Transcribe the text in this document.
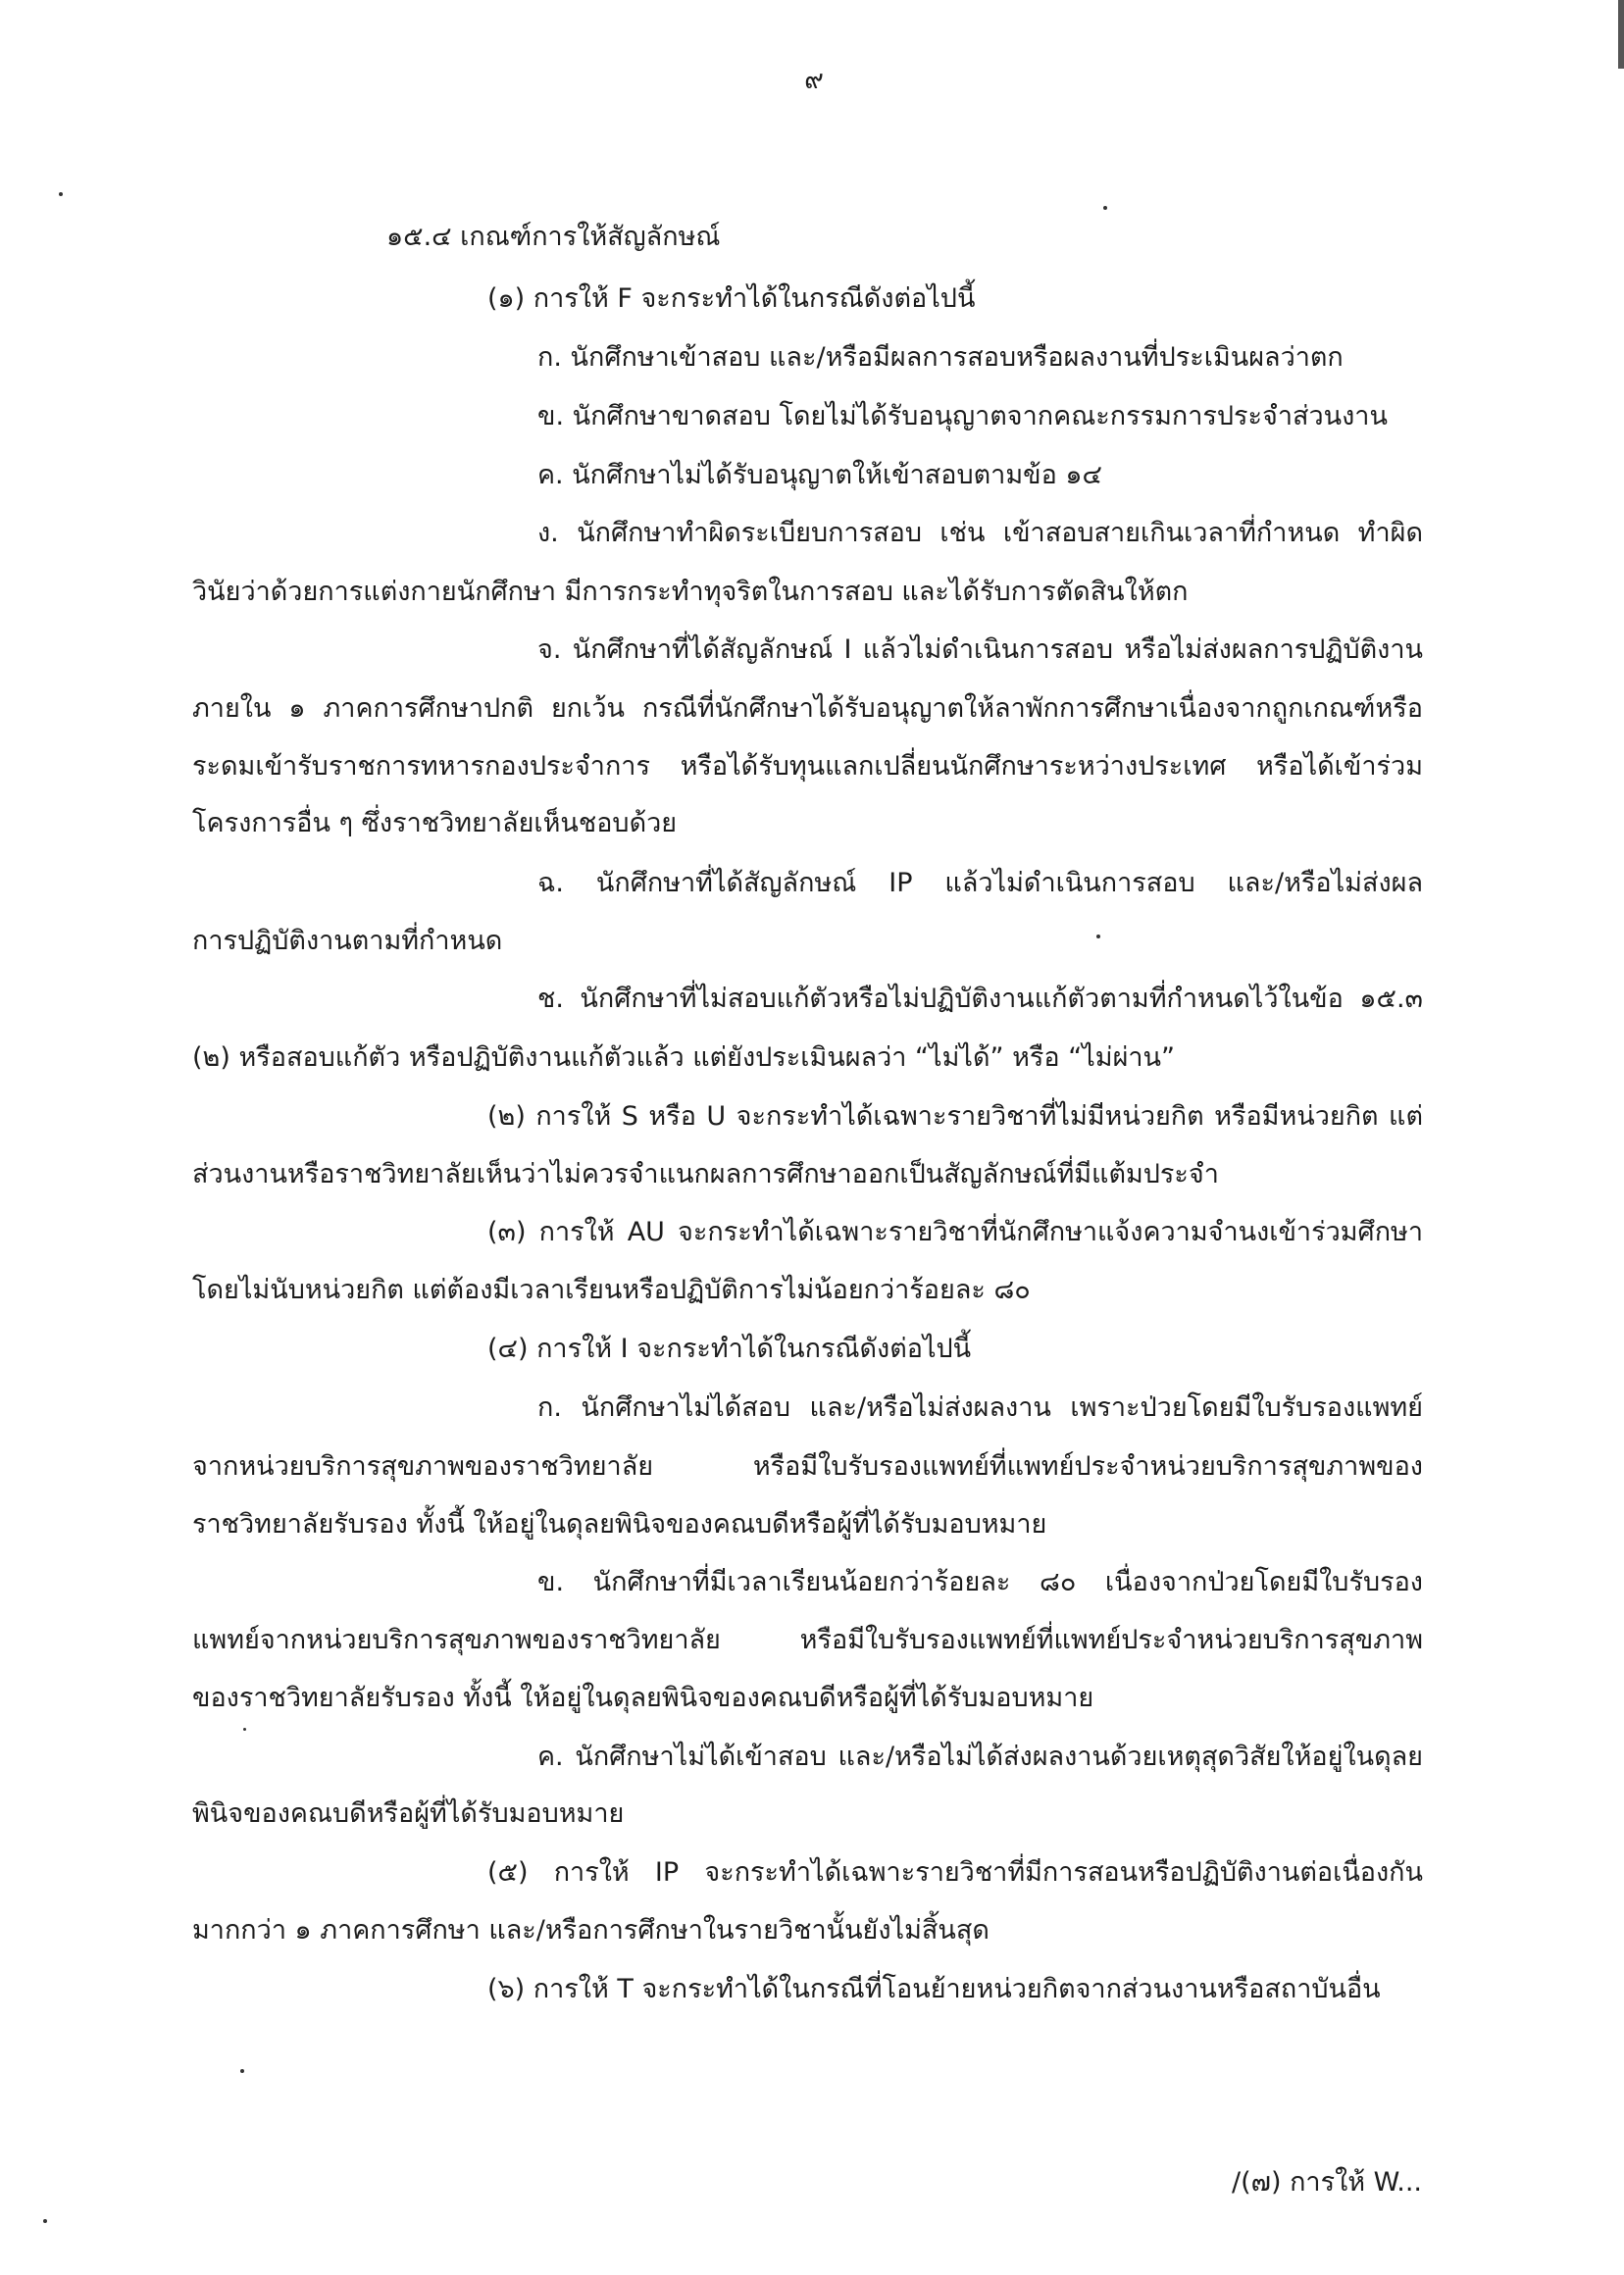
๙
๑๕.๔ เกณฑ์การให้สัญลักษณ์
(๑) การให้ F จะกระทำได้ในกรณีดังต่อไปนี้
ก. นักศึกษาเข้าสอบ และ/หรือมีผลการสอบหรือผลงานที่ประเมินผลว่าตก
ข. นักศึกษาขาดสอบ โดยไม่ได้รับอนุญาตจากคณะกรรมการประจำส่วนงาน
ค. นักศึกษาไม่ได้รับอนุญาตให้เข้าสอบตามข้อ ๑๔
ง. นักศึกษาทำผิดระเบียบการสอบ เช่น เข้าสอบสายเกินเวลาที่กำหนด ทำผิด
วินัยว่าด้วยการแต่งกายนักศึกษา มีการกระทำทุจริตในการสอบ และได้รับการตัดสินให้ตก
จ. นักศึกษาที่ได้สัญลักษณ์ I แล้วไม่ดำเนินการสอบ หรือไม่ส่งผลการปฏิบัติงาน
ภายใน ๑ ภาคการศึกษาปกติ ยกเว้น กรณีที่นักศึกษาได้รับอนุญาตให้ลาพักการศึกษาเนื่องจากถูกเกณฑ์หรือ
ระดมเข้ารับราชการทหารกองประจำการ หรือได้รับทุนแลกเปลี่ยนนักศึกษาระหว่างประเทศ หรือได้เข้าร่วม
โครงการอื่น ๆ ซึ่งราชวิทยาลัยเห็นชอบด้วย
ฉ. นักศึกษาที่ได้สัญลักษณ์ IP แล้วไม่ดำเนินการสอบ และ/หรือไม่ส่งผล
การปฏิบัติงานตามที่กำหนด
ช. นักศึกษาที่ไม่สอบแก้ตัวหรือไม่ปฏิบัติงานแก้ตัวตามที่กำหนดไว้ในข้อ ๑๕.๓
(๒) หรือสอบแก้ตัว หรือปฏิบัติงานแก้ตัวแล้ว แต่ยังประเมินผลว่า “ไม่ได้” หรือ “ไม่ผ่าน”
(๒) การให้ S หรือ U จะกระทำได้เฉพาะรายวิชาที่ไม่มีหน่วยกิต หรือมีหน่วยกิต แต่
ส่วนงานหรือราชวิทยาลัยเห็นว่าไม่ควรจำแนกผลการศึกษาออกเป็นสัญลักษณ์ที่มีแต้มประจำ
(๓) การให้ AU จะกระทำได้เฉพาะรายวิชาที่นักศึกษาแจ้งความจำนงเข้าร่วมศึกษา
โดยไม่นับหน่วยกิต แต่ต้องมีเวลาเรียนหรือปฏิบัติการไม่น้อยกว่าร้อยละ ๘๐
(๔) การให้ I จะกระทำได้ในกรณีดังต่อไปนี้
ก. นักศึกษาไม่ได้สอบ และ/หรือไม่ส่งผลงาน เพราะป่วยโดยมีใบรับรองแพทย์
จากหน่วยบริการสุขภาพของราชวิทยาลัย หรือมีใบรับรองแพทย์ที่แพทย์ประจำหน่วยบริการสุขภาพของ
ราชวิทยาลัยรับรอง ทั้งนี้ ให้อยู่ในดุลยพินิจของคณบดีหรือผู้ที่ได้รับมอบหมาย
ข. นักศึกษาที่มีเวลาเรียนน้อยกว่าร้อยละ ๘๐ เนื่องจากป่วยโดยมีใบรับรอง
แพทย์จากหน่วยบริการสุขภาพของราชวิทยาลัย หรือมีใบรับรองแพทย์ที่แพทย์ประจำหน่วยบริการสุขภาพ
ของราชวิทยาลัยรับรอง ทั้งนี้ ให้อยู่ในดุลยพินิจของคณบดีหรือผู้ที่ได้รับมอบหมาย
ค. นักศึกษาไม่ได้เข้าสอบ และ/หรือไม่ได้ส่งผลงานด้วยเหตุสุดวิสัยให้อยู่ในดุลย
พินิจของคณบดีหรือผู้ที่ได้รับมอบหมาย
(๕) การให้ IP จะกระทำได้เฉพาะรายวิชาที่มีการสอนหรือปฏิบัติงานต่อเนื่องกัน
มากกว่า ๑ ภาคการศึกษา และ/หรือการศึกษาในรายวิชานั้นยังไม่สิ้นสุด
(๖) การให้ T จะกระทำได้ในกรณีที่โอนย้ายหน่วยกิตจากส่วนงานหรือสถาบันอื่น
/(๗) การให้ W...
